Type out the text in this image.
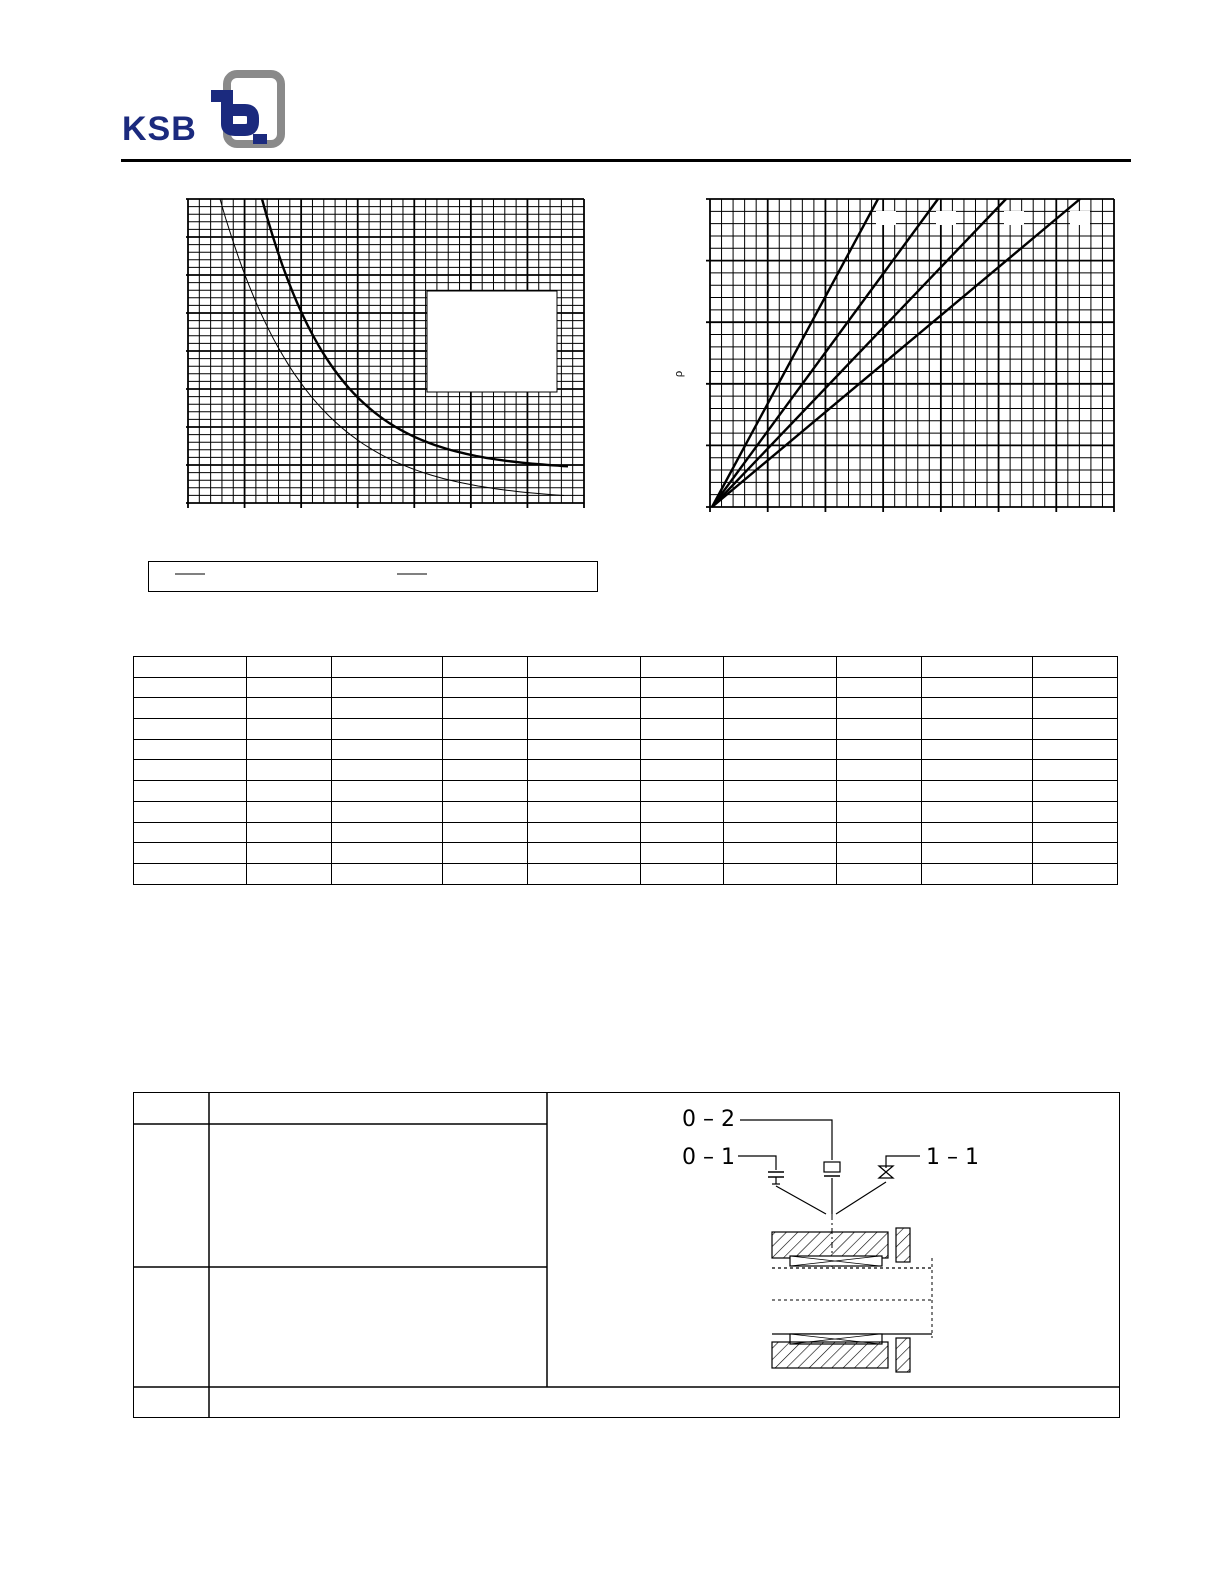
KSB
ρ

0 – 2
0 – 1	1 – 1
